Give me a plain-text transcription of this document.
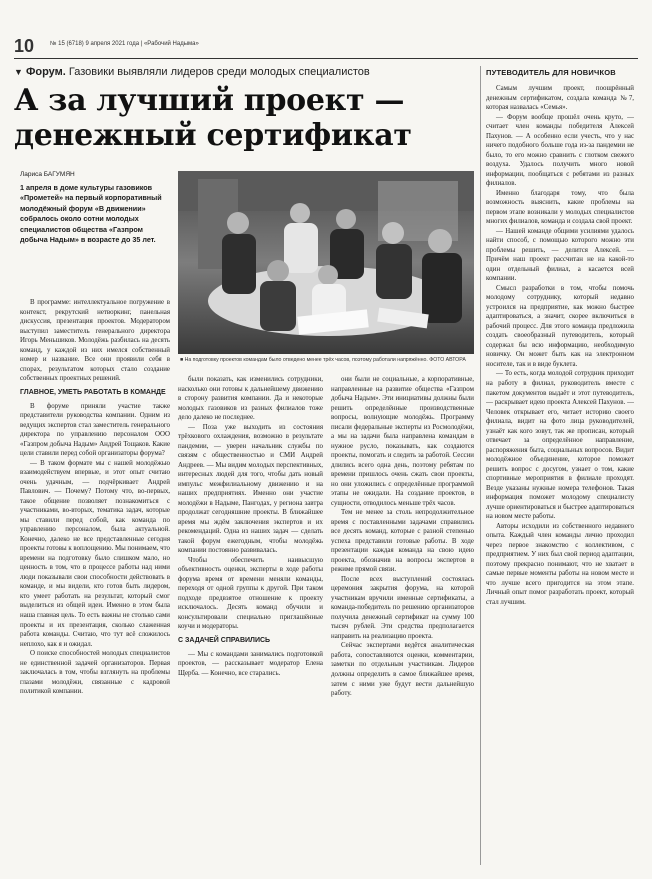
10	№ 15 (6718) 9 апреля 2021 года | «Рабочий Надыма»
▼ Форум. Газовики выявляли лидеров среди молодых специалистов	ПУТЕВОДИТЕЛЬ ДЛЯ НОВИЧКОВ
А за лучший проект —
денежный сертификат
Лариса БАГУМЯН
1 апреля в доме культуры газовиков «Прометей» на первый корпоративный молодёжный форум «В движении» собралось около сотни молодых специалистов общества «Газпром добыча Надым» в возрасте до 35 лет.
■ На подготовку проектов командам было отведено менее трёх часов, поэтому работали напряжённо. ФОТО АВТОРА

В программе: интеллектуальное погружение в контекст, рекрутский нетворкинг, панельная дискуссия, презентация проектов. Модератором выступил заместитель генерального директора Игорь Меньшиков. Молодёжь разбилась на десять команд, у каждой из них имелся собственный номер и название. Все они проявили себя в спорах, результатом которых стало создание собственных проектных решений.

ГЛАВНОЕ, УМЕТЬ РАБОТАТЬ В КОМАНДЕ

В форуме приняли участие также представители руководства компании. Одним из ведущих экспертов стал заместитель генерального директора по управлению персоналом ООО «Газпром добыча Надым» Андрей Тощаков. Какие цели ставили перед собой организаторы форума?

— В таком формате мы с нашей молодёжью взаимодействуем впервые, и этот опыт считаю очень удачным, — подчёркивает Андрей Павлович. — Почему? Потому что, во-первых, такое общение позволяет познакомиться с участниками, во-вторых, тематика задач, которые мы ставили перед собой, как команда по управлению персоналом, была актуальной. Конечно, далеко не все представленные сегодня проекты готовы к воплощению. Мы понимаем, что времени на подготовку было слишком мало, но ценность в том, что в процессе работы над ними люди показывали свои способности действовать в команде, и мы видели, кто готов быть лидером, кто умеет работать на результат, который смог выделиться из общей идеи. Именно в этом была наша главная цель. То есть важны не столько сами проекты и их презентация, сколько слаженная работа команды. Считаю, что тут всё сложилось неплохо, как я и ожидал.

О поиске способностей молодых специалистов не единственной задачей организаторов. Первая заключалась в том, чтобы взглянуть на проблемы глазами молодёжи, связанные с кадровой политикой компании.

были показать, как изменились сотрудники, насколько они готовы к дальнейшему движению в сторону развития компании. Да и некоторые молодых газовиков из разных филиалов тоже дело далеко не последнее.

— Поза уже выходить из состояния трёхкового охлаждения, возможно в результате пандемии, — уверен начальник службы по связям с общественностью и СМИ Андрей Андреев. — Мы видим молодых перспективных, интересных людей для того, чтобы дать новый импульс межфилиальному движению и на наших предприятиях. Именно они участие молодёжи в Надыме, Пангодах, у региона завтра продолжат сегодняшние проекты. В ближайшее время мы ждём заключения экспертов и их рекомендаций. Одна из наших задач — сделать такой форум ежегодным, чтобы молодёжь компании постоянно развивалась.

Чтобы обеспечить наивысшую объективность оценки, эксперты в ходе работы форума время от времени меняли команды, переходя от одной группы к другой. При таком подходе предвзятое отношение к проекту исключалось. Десять команд обучили и консультировали специально приглашённые коучи и модераторы.

С ЗАДАЧЕЙ СПРАВИЛИСЬ

— Мы с командами занимались подготовкой проектов, — рассказывает модератор Елена Щерба. — Конечно, все старались.

они были не социальные, а корпоративные, направленные на развитие общества «Газпром добыча Надым». Эти инициативы должны были решить определённые производственные вопросы, волнующие молодёжь. Программу писали федеральные эксперты из Росмолодёжи, а мы на задачи была направлена командам в нужное русло, показывать, как создаются проекты, помогать и следить за работой. Сессии длились всего одна день, поэтому ребятам по времени пришлось очень сжать свои проекты, но они уложились с определённые программой этапы не ожидали. На создание проектов, в сущности, отводилось меньше трёх часов.

Тем не менее за столь непродолжительное время с поставленными задачами справились все десять команд, которые с разной степенью успеха представили готовые работы. В ходе презентации каждая команда на свою идею проекта, обозначив на вопросы экспертов в режиме прямой связи.

После всех выступлений состоялась церемония закрытия форума, на которой участникам вручили именные сертификаты, а команда-победитель по решению организаторов получила денежный сертификат на сумму 100 тысяч рублей. Эти средства предполагается направить на реализацию проекта.

Сейчас экспертами ведётся аналитическая работа, сопоставляются оценки, комментарии, заметки по отдельным участникам. Лидеров должны определить в самое ближайшее время, затем с ними уже будут вести дальнейшую работу.

Самым лучшим проект, поощрённый денежным сертификатом, создала команда №7, которая назвалась «Семья».

— Форум вообще прошёл очень круто, — считает член команды победителя Алексей Пахунов. — А особенно если учесть, что у нас ничего подобного больше года из-за пандемии не было, то его можно сравнить с глотком свежего воздуха. Удалось получить много новой информации, пообщаться с ребятами из разных филиалов.

Именно благодаря тому, что была возможность выяснить, какие проблемы на первом этапе возникали у молодых специалистов многих филиалов, команда и создала свой проект.

— Нашей команде общими усилиями удалось найти способ, с помощью которого можно эти проблемы решить, — делится Алексей. — Причём наш проект рассчитан не на какой-то один отдельный филиал, а касается всей компании.

Смысл разработки в том, чтобы помочь молодому сотруднику, который недавно устроился на предприятие, как можно быстрее адаптироваться, а значит, скорее включиться в рабочий процесс. Для этого команда предложила создать своеобразный путеводитель, который содержал бы всю информацию, необходимую новичку. Он может быть как на электронном носителе, так и в виде буклета.

— То есть, когда молодой сотрудник приходит на работу в филиал, руководитель вместе с пакетом документов выдаёт и этот путеводитель, — раскрывает идею проекта Алексей Пахунов. — Человек открывает его, читает историю своего филиала, видит на фото лица руководителей, узнаёт как кого зовут, так же прописан, который отвечает за определённое направление, распоряжения быта, социальных вопросов. Видит молодёжное объединение, которое поможет решить вопрос с досугом, узнает о том, какие спортивные мероприятия в филиале проходят. Везде указаны нужные номера телефонов. Такая информация поможет молодому специалисту лучше ориентироваться и быстрее адаптироваться на новом месте работы.

Авторы исходили из собственного недавнего опыта. Каждый член команды лично проходил через первое знакомство с коллективом, с предприятием. У них был свой период адаптации, поэтому прекрасно понимают, что не хватает в самые первые моменты работы на новом месте и что лучше всего пригодится на этом этапе. Личный опыт помог разработать проект, который стал лучшим.
